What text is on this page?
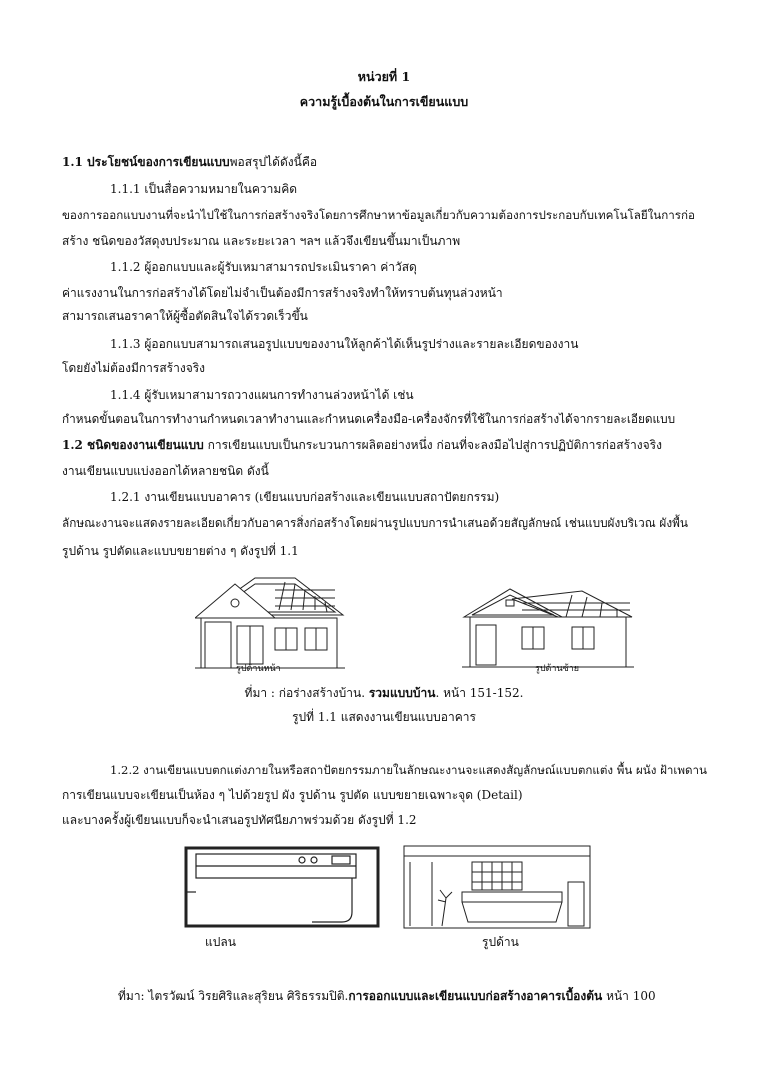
หน่วยที่ 1
ความรู้เบื้องต้นในการเขียนแบบ
1.1 ประโยชน์ของการเขียนแบบพอสรุปได้ดังนี้คือ
1.1.1 เป็นสื่อความหมายในความคิด
ของการออกแบบงานที่จะนำไปใช้ในการก่อสร้างจริงโดยการศึกษาหาข้อมูลเกี่ยวกับความต้องการประกอบกับเทคโนโลยีในการก่อ
สร้าง ชนิดของวัสดุงบประมาณ และระยะเวลา ฯลฯ แล้วจึงเขียนขึ้นมาเป็นภาพ
1.1.2 ผู้ออกแบบและผู้รับเหมาสามารถประเมินราคา ค่าวัสดุ
ค่าแรงงานในการก่อสร้างได้โดยไม่จำเป็นต้องมีการสร้างจริงทำให้ทราบต้นทุนล่วงหน้า
สามารถเสนอราคาให้ผู้ซื้อตัดสินใจได้รวดเร็วขึ้น
1.1.3 ผู้ออกแบบสามารถเสนอรูปแบบของงานให้ลูกค้าได้เห็นรูปร่างและรายละเอียดของงาน
โดยยังไม่ต้องมีการสร้างจริง
1.1.4 ผู้รับเหมาสามารถวางแผนการทำงานล่วงหน้าได้ เช่น
กำหนดขั้นตอนในการทำงานกำหนดเวลาทำงานและกำหนดเครื่องมือ-เครื่องจักรที่ใช้ในการก่อสร้างได้จากรายละเอียดแบบ
1.2 ชนิดของงานเขียนแบบ การเขียนแบบเป็นกระบวนการผลิตอย่างหนึ่ง ก่อนที่จะลงมือไปสู่การปฏิบัติการก่อสร้างจริง
งานเขียนแบบแบ่งออกได้หลายชนิด ดังนี้
1.2.1 งานเขียนแบบอาคาร (เขียนแบบก่อสร้างและเขียนแบบสถาปัตยกรรม)
ลักษณะงานจะแสดงรายละเอียดเกี่ยวกับอาคารสิ่งก่อสร้างโดยผ่านรูปแบบการนำเสนอด้วยสัญลักษณ์ เช่นแบบผังบริเวณ ผังพื้น
รูปด้าน รูปตัดและแบบขยายต่าง ๆ ดังรูปที่ 1.1
รูปด้านหน้า	รูปด้านซ้าย
ที่มา : ก่อร่างสร้างบ้าน. รวมแบบบ้าน. หน้า 151-152.
รูปที่ 1.1 แสดงงานเขียนแบบอาคาร
1.2.2 งานเขียนแบบตกแต่งภายในหรือสถาปัตยกรรมภายในลักษณะงานจะแสดงสัญลักษณ์แบบตกแต่ง พื้น ผนัง ฝ้าเพดาน
การเขียนแบบจะเขียนเป็นห้อง ๆ ไปด้วยรูป ผัง รูปด้าน รูปตัด แบบขยายเฉพาะจุด (Detail)
และบางครั้งผู้เขียนแบบก็จะนำเสนอรูปทัศนียภาพร่วมด้วย ดังรูปที่ 1.2
แปลน	รูปด้าน
ที่มา: ไตรวัฒน์ วิรยศิริและสุริยน ศิริธรรมปิติ.การออกแบบและเขียนแบบก่อสร้างอาคารเบื้องต้น หน้า 100
